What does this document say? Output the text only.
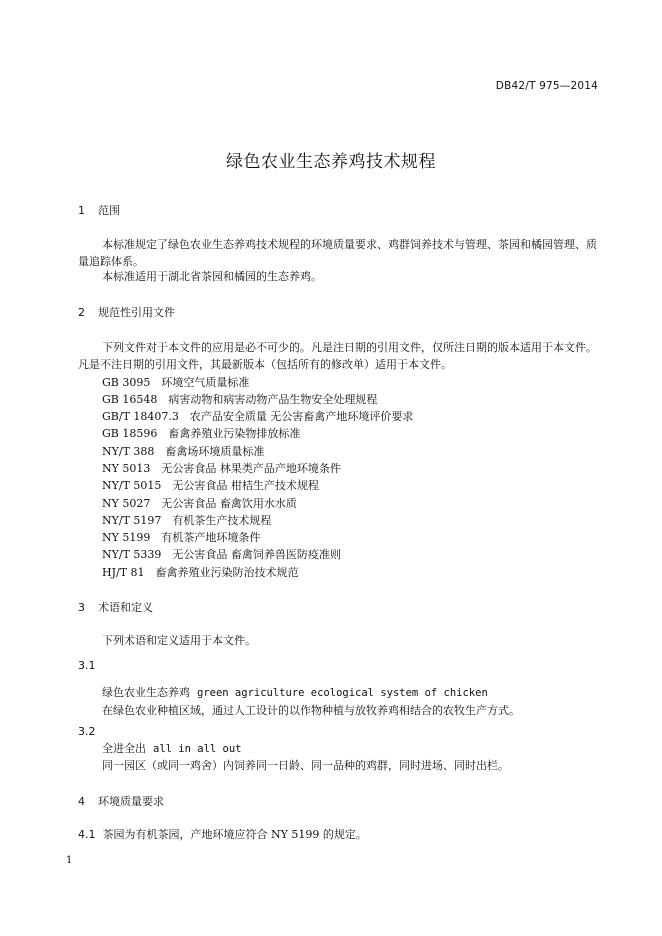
DB42/T 975—2014
绿色农业生态养鸡技术规程
1 范围
本标准规定了绿色农业生态养鸡技术规程的环境质量要求、鸡群饲养技术与管理、茶园和橘园管理、质量追踪体系。
本标准适用于湖北省茶园和橘园的生态养鸡。
2 规范性引用文件
下列文件对于本文件的应用是必不可少的。凡是注日期的引用文件，仅所注日期的版本适用于本文件。凡是不注日期的引用文件，其最新版本（包括所有的修改单）适用于本文件。
GB 3095　环境空气质量标准
GB 16548　病害动物和病害动物产品生物安全处理规程
GB/T 18407.3　农产品安全质量 无公害畜禽产地环境评价要求
GB 18596　畜禽养殖业污染物排放标准
NY/T 388　畜禽场环境质量标准
NY 5013　无公害食品 林果类产品产地环境条件
NY/T 5015　无公害食品 柑桔生产技术规程
NY 5027　无公害食品 畜禽饮用水水质
NY/T 5197　有机茶生产技术规程
NY 5199　有机茶产地环境条件
NY/T 5339　无公害食品 畜禽饲养兽医防疫准则
HJ/T 81　畜禽养殖业污染防治技术规范
3 术语和定义
下列术语和定义适用于本文件。
3.1
绿色农业生态养鸡 green agriculture ecological system of chicken
在绿色农业种植区域，通过人工设计的以作物种植与放牧养鸡相结合的农牧生产方式。
3.2
全进全出 all in all out
同一园区（或同一鸡舍）内饲养同一日龄、同一品种的鸡群，同时进场、同时出栏。
4 环境质量要求
4.1 茶园为有机茶园，产地环境应符合 NY 5199 的规定。
1
